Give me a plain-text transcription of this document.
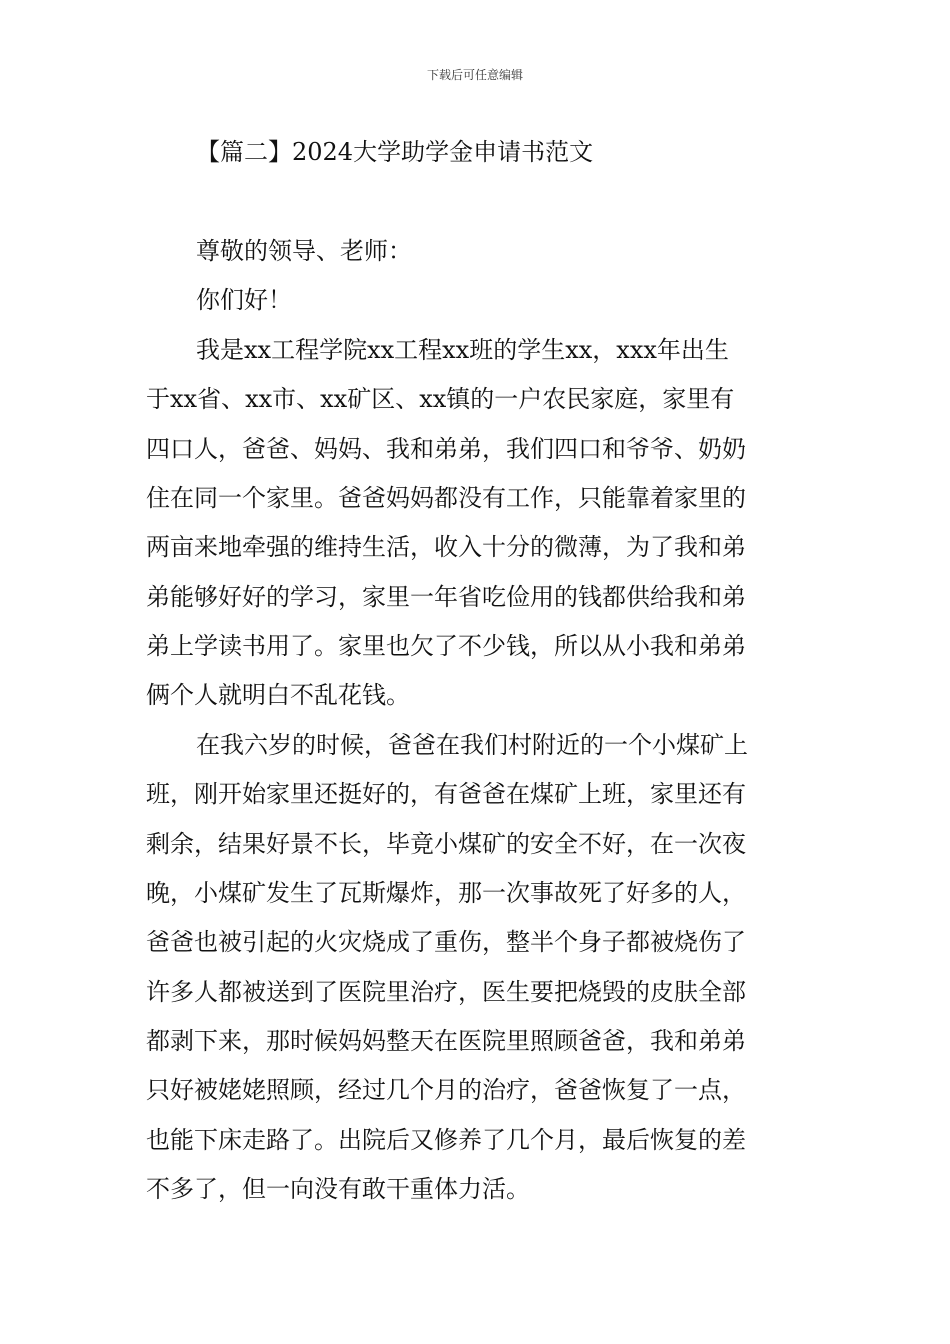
下载后可任意编辑
【篇二】2024大学助学金申请书范文
尊敬的领导、老师：
你们好！
我是xx工程学院xx工程xx班的学生xx，xxx年出生
于xx省、xx市、xx矿区、xx镇的一户农民家庭，家里有
四口人，爸爸、妈妈、我和弟弟，我们四口和爷爷、奶奶
住在同一个家里。爸爸妈妈都没有工作，只能靠着家里的
两亩来地牵强的维持生活，收入十分的微薄，为了我和弟
弟能够好好的学习，家里一年省吃俭用的钱都供给我和弟
弟上学读书用了。家里也欠了不少钱，所以从小我和弟弟
俩个人就明白不乱花钱。
在我六岁的时候，爸爸在我们村附近的一个小煤矿上
班，刚开始家里还挺好的，有爸爸在煤矿上班，家里还有
剩余，结果好景不长，毕竟小煤矿的安全不好，在一次夜
晚，小煤矿发生了瓦斯爆炸，那一次事故死了好多的人，
爸爸也被引起的火灾烧成了重伤，整半个身子都被烧伤了
许多人都被送到了医院里治疗，医生要把烧毁的皮肤全部
都剥下来，那时候妈妈整天在医院里照顾爸爸，我和弟弟
只好被姥姥照顾，经过几个月的治疗，爸爸恢复了一点，
也能下床走路了。出院后又修养了几个月，最后恢复的差
不多了，但一向没有敢干重体力活。
